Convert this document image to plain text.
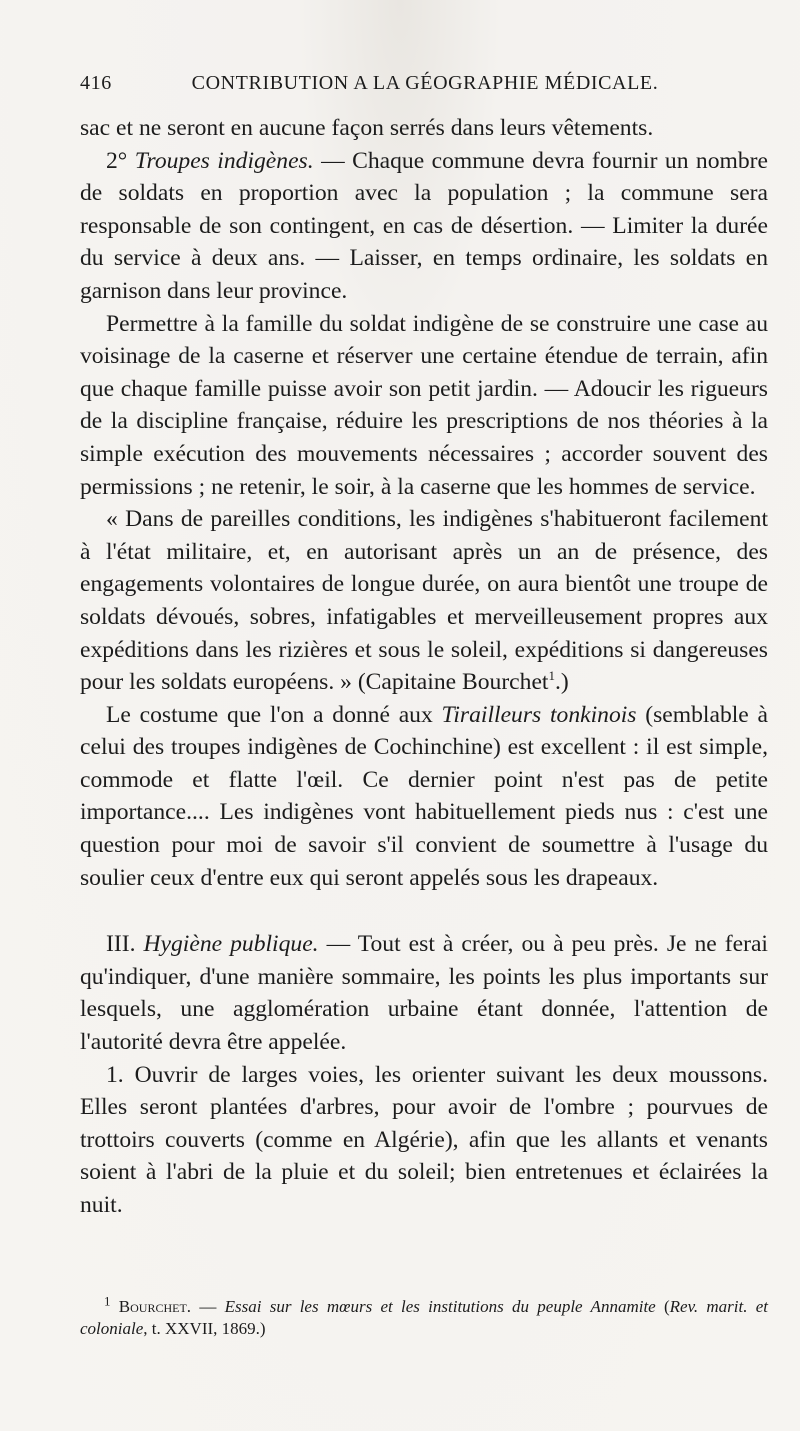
416	CONTRIBUTION A LA GÉOGRAPHIE MÉDICALE.

sac et ne seront en aucune façon serrés dans leurs vêtements.

2° Troupes indigènes. — Chaque commune devra fournir un nombre de soldats en proportion avec la population ; la commune sera responsable de son contingent, en cas de désertion. — Limiter la durée du service à deux ans. — Laisser, en temps ordinaire, les soldats en garnison dans leur province.

Permettre à la famille du soldat indigène de se construire une case au voisinage de la caserne et réserver une certaine étendue de terrain, afin que chaque famille puisse avoir son petit jardin. — Adoucir les rigueurs de la discipline française, réduire les prescriptions de nos théories à la simple exécution des mouvements nécessaires ; accorder souvent des permissions ; ne retenir, le soir, à la caserne que les hommes de service.

« Dans de pareilles conditions, les indigènes s'habitueront facilement à l'état militaire, et, en autorisant après un an de présence, des engagements volontaires de longue durée, on aura bientôt une troupe de soldats dévoués, sobres, infatigables et merveilleusement propres aux expéditions dans les rizières et sous le soleil, expéditions si dangereuses pour les soldats européens. » (Capitaine Bourchet$^1$.)

Le costume que l'on a donné aux Tirailleurs tonkinois (semblable à celui des troupes indigènes de Cochinchine) est excellent : il est simple, commode et flatte l'œil. Ce dernier point n'est pas de petite importance.... Les indigènes vont habituellement pieds nus : c'est une question pour moi de savoir s'il convient de soumettre à l'usage du soulier ceux d'entre eux qui seront appelés sous les drapeaux.

III. Hygiène publique. — Tout est à créer, ou à peu près. Je ne ferai qu'indiquer, d'une manière sommaire, les points les plus importants sur lesquels, une agglomération urbaine étant donnée, l'attention de l'autorité devra être appelée.

1. Ouvrir de larges voies, les orienter suivant les deux moussons. Elles seront plantées d'arbres, pour avoir de l'ombre ; pourvues de trottoirs couverts (comme en Algérie), afin que les allants et venants soient à l'abri de la pluie et du soleil; bien entretenues et éclairées la nuit.

$^1$ Bourchet. — Essai sur les mœurs et les institutions du peuple Annamite (Rev. marit. et coloniale, t. XXVII, 1869.)
